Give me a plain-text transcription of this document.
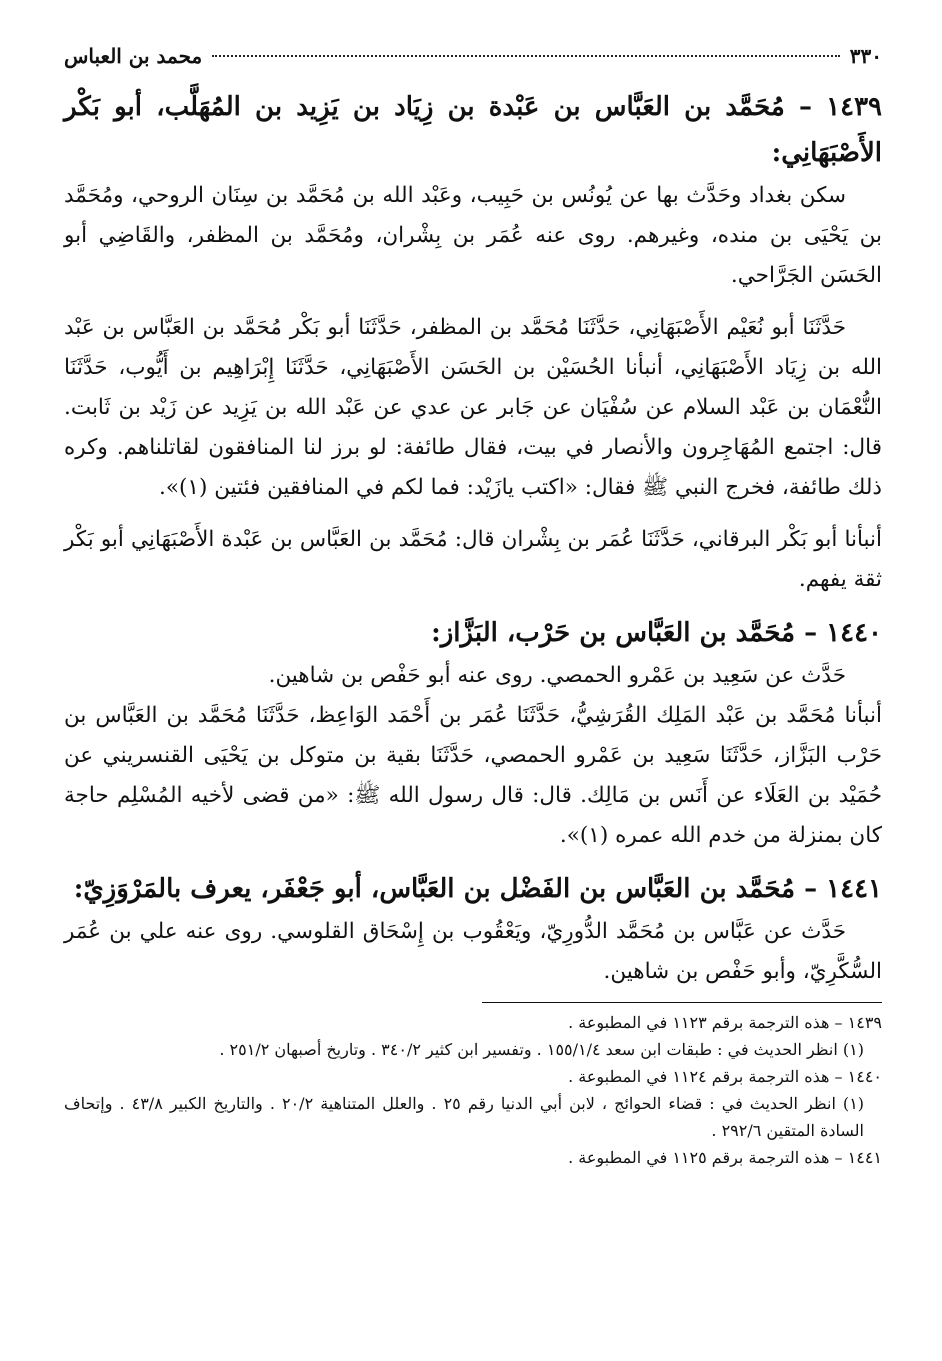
٣٣٠
محمد بن العباس
١٤٣٩ – مُحَمَّد بن العَبَّاس بن عَبْدة بن زِيَاد بن يَزِيد بن المُهَلَّب، أبو بَكْر الأَصْبَهَانِي:

سكن بغداد وحَدَّث بها عن يُونُس بن حَبِيب، وعَبْد الله بن مُحَمَّد بن سِنَان الروحي، ومُحَمَّد بن يَحْيَى بن منده، وغيرهم. روى عنه عُمَر بن بِشْران، ومُحَمَّد بن المظفر، والقَاضِي أبو الحَسَن الجَرَّاحي.

حَدَّثَنَا أبو نُعَيْم الأَصْبَهَانِي، حَدَّثَنَا مُحَمَّد بن المظفر، حَدَّثَنَا أبو بَكْر مُحَمَّد بن العَبَّاس بن عَبْد الله بن زِيَاد الأَصْبَهَانِي، أنبأنا الحُسَيْن بن الحَسَن الأَصْبَهَانِي، حَدَّثَنَا إِبْرَاهِيم بن أَيُّوب، حَدَّثَنَا النُّعْمَان بن عَبْد السلام عن سُفْيَان عن جَابر عن عدي عن عَبْد الله بن يَزِيد عن زَيْد بن ثَابت. قال: اجتمع المُهَاجِرون والأنصار في بيت، فقال طائفة: لو برز لنا المنافقون لقاتلناهم. وكره ذلك طائفة، فخرج النبي ﷺ فقال: «اكتب يازَيْد: فما لكم في المنافقين فئتين (١)».

أنبأنا أبو بَكْر البرقاني، حَدَّثَنَا عُمَر بن بِشْران قال: مُحَمَّد بن العَبَّاس بن عَبْدة الأَصْبَهَانِي أبو بَكْر ثقة يفهم.

١٤٤٠ – مُحَمَّد بن العَبَّاس بن حَرْب، البَزَّاز:

حَدَّث عن سَعِيد بن عَمْرو الحمصي. روى عنه أبو حَفْص بن شاهين.

أنبأنا مُحَمَّد بن عَبْد المَلِك القُرَشِيُّ، حَدَّثَنَا عُمَر بن أَحْمَد الوَاعِظ، حَدَّثَنَا مُحَمَّد بن العَبَّاس بن حَرْب البَزَّاز، حَدَّثَنَا سَعِيد بن عَمْرو الحمصي، حَدَّثَنَا بقية بن متوكل بن يَحْيَى القنسريني عن حُمَيْد بن العَلَاء عن أَنَس بن مَالِك. قال: قال رسول الله ﷺ: «من قضى لأخيه المُسْلِم حاجة كان بمنزلة من خدم الله عمره (١)».

١٤٤١ – مُحَمَّد بن العَبَّاس بن الفَضْل بن العَبَّاس، أبو جَعْفَر، يعرف بالمَرْوَزِيّ:

حَدَّث عن عَبَّاس بن مُحَمَّد الدُّورِيّ، ويَعْقُوب بن إِسْحَاق القلوسي. روى عنه علي بن عُمَر السُّكَّرِيّ، وأبو حَفْص بن شاهين.

١٤٣٩ – هذه الترجمة برقم ١١٢٣ في المطبوعة .

(١) انظر الحديث في : طبقات ابن سعد ١٥٥/١/٤ . وتفسير ابن كثير ٣٤٠/٢ . وتاريخ أصبهان ٢٥١/٢ .

١٤٤٠ – هذه الترجمة برقم ١١٢٤ في المطبوعة .

(١) انظر الحديث في : قضاء الحوائج ، لابن أبي الدنيا رقم ٢٥ . والعلل المتناهية ٢٠/٢ . والتاريخ الكبير ٤٣/٨ . وإتحاف السادة المتقين ٢٩٢/٦ .

١٤٤١ – هذه الترجمة برقم ١١٢٥ في المطبوعة .
